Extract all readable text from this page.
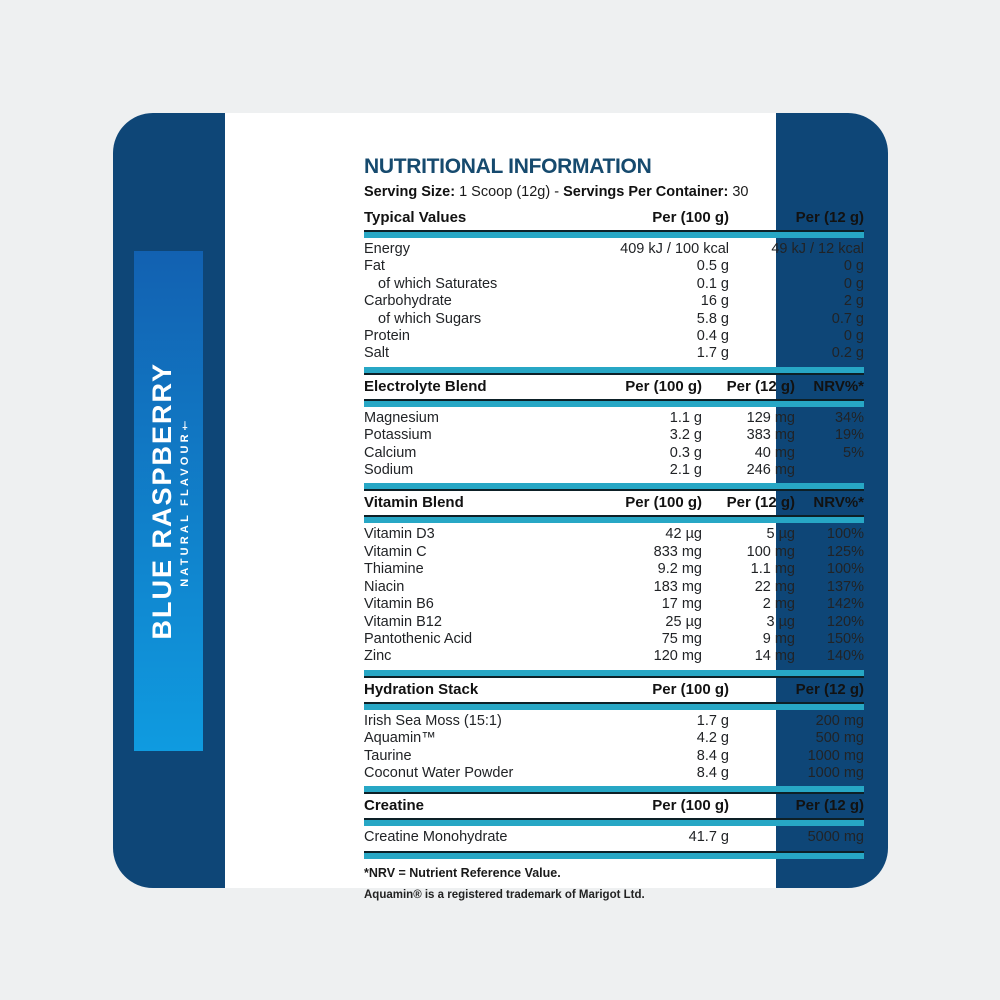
BLUE RASPBERRY NATURAL FLAVOUR†
NUTRITIONAL INFORMATION
Serving Size: 1 Scoop (12g) - Servings Per Container: 30
Typical Values	Per (100 g)	Per (12 g)
Energy	409 kJ / 100 kcal	49 kJ / 12 kcal
Fat	0.5 g	0 g
of which Saturates	0.1 g	0 g
Carbohydrate	16 g	2 g
of which Sugars	5.8 g	0.7 g
Protein	0.4 g	0 g
Salt	1.7 g	0.2 g
Electrolyte Blend	Per (100 g)	Per (12 g)	NRV%*
Magnesium	1.1 g	129 mg	34%
Potassium	3.2 g	383 mg	19%
Calcium	0.3 g	40 mg	5%
Sodium	2.1 g	246 mg
Vitamin Blend	Per (100 g)	Per (12 g)	NRV%*
Vitamin D3	42 µg	5 µg	100%
Vitamin C	833 mg	100 mg	125%
Thiamine	9.2 mg	1.1 mg	100%
Niacin	183 mg	22 mg	137%
Vitamin B6	17 mg	2 mg	142%
Vitamin B12	25 µg	3 µg	120%
Pantothenic Acid	75 mg	9 mg	150%
Zinc	120 mg	14 mg	140%
Hydration Stack	Per (100 g)	Per (12 g)
Irish Sea Moss (15:1)	1.7 g	200 mg
Aquamin™	4.2 g	500 mg
Taurine	8.4 g	1000 mg
Coconut Water Powder	8.4 g	1000 mg
Creatine	Per (100 g)	Per (12 g)
Creatine Monohydrate	41.7 g	5000 mg
*NRV = Nutrient Reference Value.
Aquamin® is a registered trademark of Marigot Ltd.
